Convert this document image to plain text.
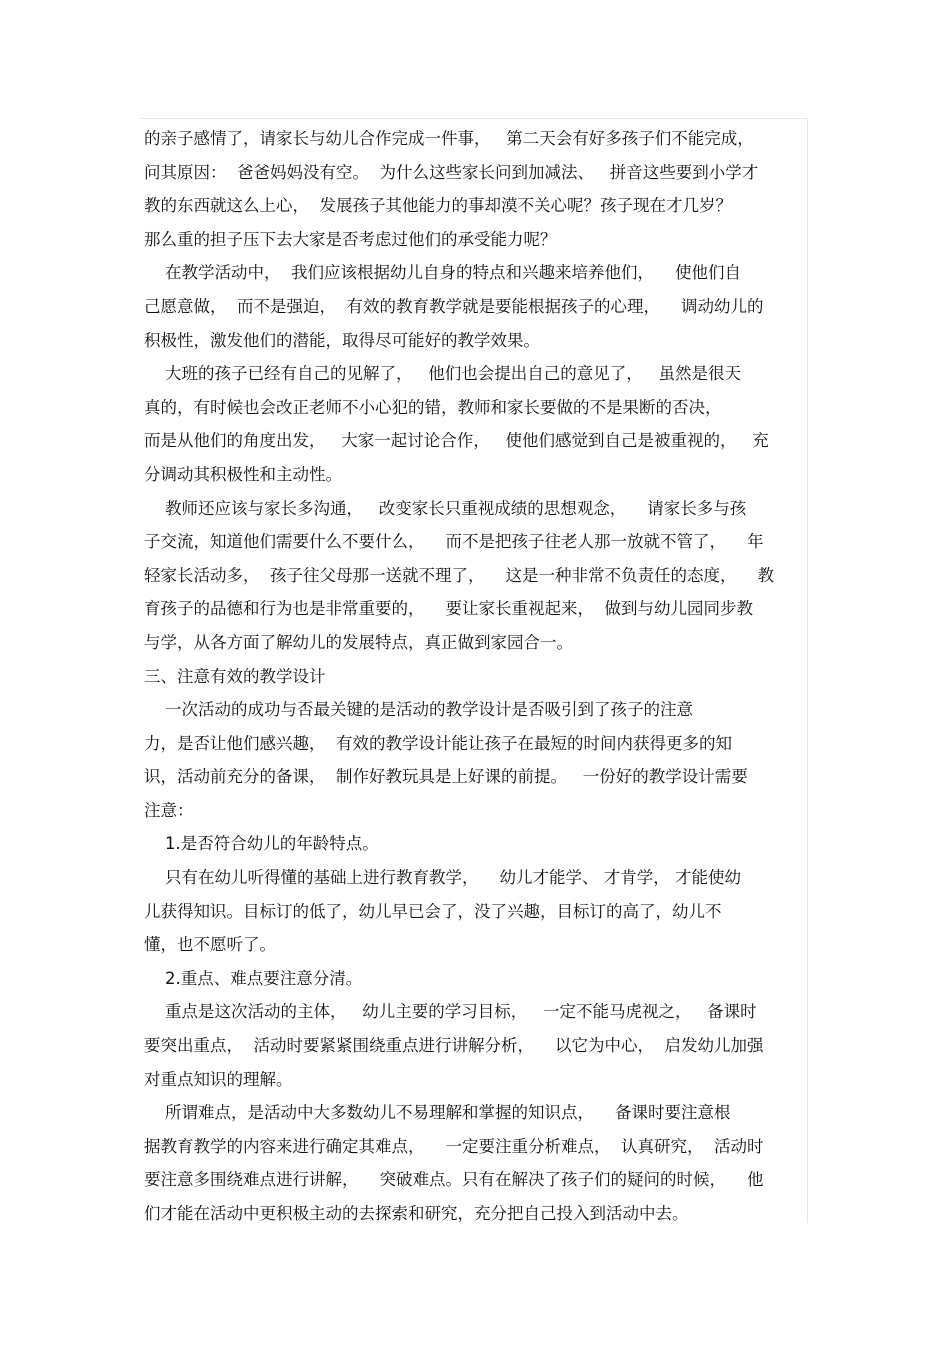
的亲子感情了，请家长与幼儿合作完成一件事，   第二天会有好多孩子们不能完成，
问其原因：  爸爸妈妈没有空。  为什么这些家长问到加减法、   拼音这些要到小学才
教的东西就这么上心，  发展孩子其他能力的事却漠不关心呢？孩子现在才几岁？
那么重的担子压下去大家是否考虑过他们的承受能力呢？
在教学活动中，  我们应该根据幼儿自身的特点和兴趣来培养他们，    使他们自
己愿意做，  而不是强迫，  有效的教育教学就是要能根据孩子的心理，    调动幼儿的
积极性，激发他们的潜能，取得尽可能好的教学效果。
大班的孩子已经有自己的见解了，   他们也会提出自己的意见了，   虽然是很天
真的，有时候也会改正老师不小心犯的错，教师和家长要做的不是果断的否决，
而是从他们的角度出发，   大家一起讨论合作，   使他们感觉到自己是被重视的，   充
分调动其积极性和主动性。
教师还应该与家长多沟通，   改变家长只重视成绩的思想观念，    请家长多与孩
子交流，知道他们需要什么不要什么，    而不是把孩子往老人那一放就不管了，    年
轻家长活动多，  孩子往父母那一送就不理了，    这是一种非常不负责任的态度，    教
育孩子的品德和行为也是非常重要的，    要让家长重视起来，  做到与幼儿园同步教
与学，从各方面了解幼儿的发展特点，真正做到家园合一。
三、注意有效的教学设计
一次活动的成功与否最关键的是活动的教学设计是否吸引到了孩子的注意
力，是否让他们感兴趣，  有效的教学设计能让孩子在最短的时间内获得更多的知
识，活动前充分的备课，  制作好教玩具是上好课的前提。   一份好的教学设计需要
注意：
1.是否符合幼儿的年龄特点。
只有在幼儿听得懂的基础上进行教育教学，    幼儿才能学、 才肯学， 才能使幼
儿获得知识。目标订的低了，幼儿早已会了，没了兴趣，目标订的高了，幼儿不
懂，也不愿听了。
2.重点、难点要注意分清。
重点是这次活动的主体，   幼儿主要的学习目标，   一定不能马虎视之，   备课时
要突出重点，  活动时要紧紧围绕重点进行讲解分析，    以它为中心，  启发幼儿加强
对重点知识的理解。
所谓难点，是活动中大多数幼儿不易理解和掌握的知识点，    备课时要注意根
据教育教学的内容来进行确定其难点，    一定要注重分析难点，  认真研究，  活动时
要注意多围绕难点进行讲解，    突破难点。只有在解决了孩子们的疑问的时候，    他
们才能在活动中更积极主动的去探索和研究，充分把自己投入到活动中去。
